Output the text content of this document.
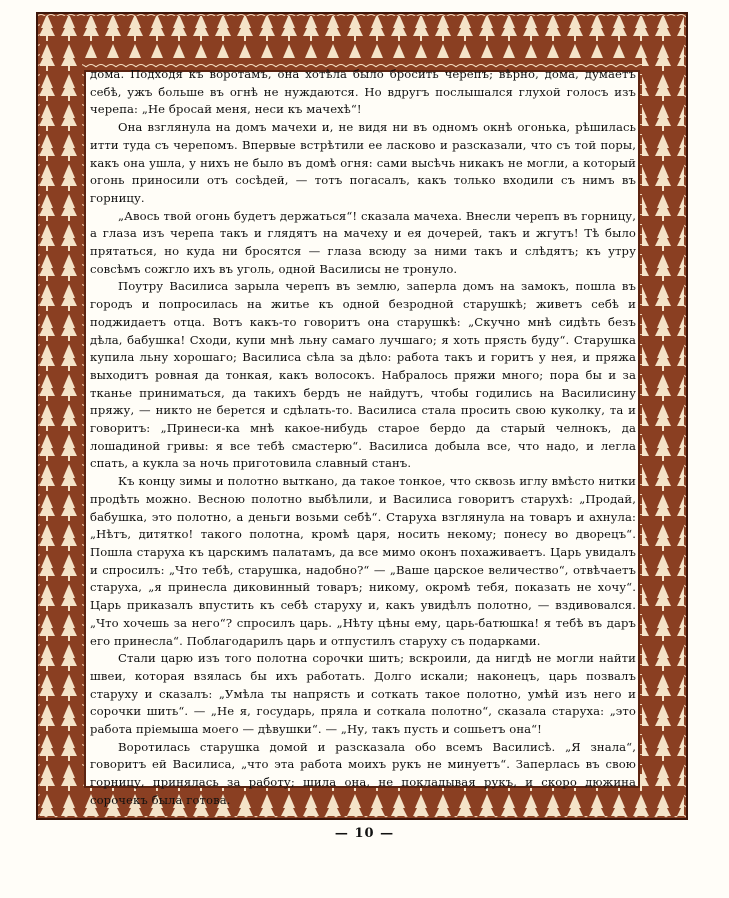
дома. Подходя къ воротамъ, она хотѣла было бросить черепъ; вѣрно, дома, думаетъ себѣ, ужъ больше въ огнѣ не нуждаются. Но вдругъ послышался глухой голосъ изъ черепа: „Не бросай меня, неси къ мачехѣ“!

Она взглянула на домъ мачехи и, не видя ни въ одномъ окнѣ огонька, рѣшилась итти туда съ черепомъ. Впервые встрѣтили ее ласково и разсказали, что съ той поры, какъ она ушла, у нихъ не было въ домѣ огня: сами высѣчь никакъ не могли, а который огонь приносили отъ сосѣдей, — тотъ погасалъ, какъ только входили съ нимъ въ горницу.

„Авось твой огонь будетъ держаться“! сказала мачеха. Внесли черепъ въ горницу, а глаза изъ черепа такъ и глядятъ на мачеху и ея дочерей, такъ и жгутъ! Тѣ было прятаться, но куда ни бросятся — глаза всюду за ними такъ и слѣдятъ; къ утру совсѣмъ сожгло ихъ въ уголь, одной Василисы не тронуло.

Поутру Василиса зарыла черепъ въ землю, заперла домъ на замокъ, пошла въ городъ и попросилась на житье къ одной безродной старушкѣ; живетъ себѣ и поджидаетъ отца. Вотъ какъ-то говоритъ она старушкѣ: „Скучно мнѣ сидѣть безъ дѣла, бабушка! Сходи, купи мнѣ льну самаго лучшаго; я хоть прясть буду“. Старушка купила льну хорошаго; Василиса сѣла за дѣло: работа такъ и горитъ у нея, и пряжа выходитъ ровная да тонкая, какъ волосокъ. Набралось пряжи много; пора бы и за тканье приниматься, да такихъ бердъ не найдутъ, чтобы годились на Василисину пряжу, — никто не берется и сдѣлать-то. Василиса стала просить свою куколку, та и говоритъ: „Принеси-ка мнѣ какое-нибудь старое бердо да старый челнокъ, да лошадиной гривы: я все тебѣ смастерю“. Василиса добыла все, что надо, и легла спать, а кукла за ночь приготовила славный станъ.

Къ концу зимы и полотно выткано, да такое тонкое, что сквозь иглу вмѣсто нитки продѣть можно. Весною полотно выбѣлили, и Василиса говоритъ старухѣ: „Продай, бабушка, это полотно, а деньги возьми себѣ“. Старуха взглянула на товаръ и ахнула: „Нѣтъ, дитятко! такого полотна, кромѣ царя, носить некому; понесу во дворецъ“. Пошла старуха къ царскимъ палатамъ, да все мимо оконъ похаживаетъ. Царь увидалъ и спросилъ: „Что тебѣ, старушка, надобно?“ — „Ваше царское величество“, отвѣчаетъ старуха, „я принесла диковинный товаръ; никому, окромѣ тебя, показать не хочу“. Царь приказалъ впустить къ себѣ старуху и, какъ увидѣлъ полотно, — вздивовался. „Что хочешь за него“? спросилъ царь. „Нѣту цѣны ему, царь-батюшка! я тебѣ въ даръ его принесла“. Поблагодарилъ царь и отпустилъ старуху съ подарками.

Стали царю изъ того полотна сорочки шить; вскроили, да нигдѣ не могли найти швеи, которая взялась бы ихъ работать. Долго искали; наконецъ, царь позвалъ старуху и сказалъ: „Умѣла ты напрясть и соткать такое полотно, умѣй изъ него и сорочки шить“. — „Не я, государь, пряла и соткала полотно“, сказала старуха: „это работа пріемыша моего — дѣвушки“. — „Ну, такъ пусть и сошьетъ она“!

Воротилась старушка домой и разсказала обо всемъ Василисѣ. „Я знала“, говоритъ ей Василиса, „что эта работа моихъ рукъ не минуетъ“. Заперлась въ свою горницу, принялась за работу; шила она, не покладывая рукъ, и скоро дюжина сорочекъ была готова.

— 10 —
